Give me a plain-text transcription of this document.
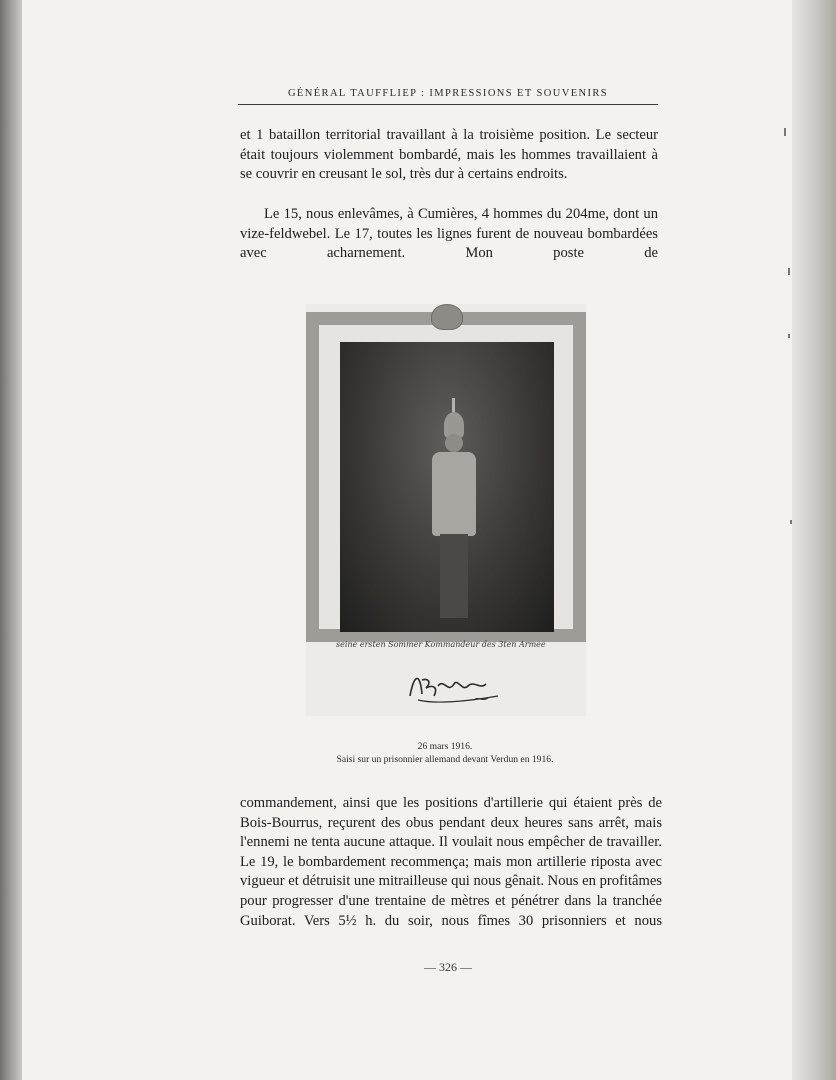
GÉNÉRAL TAUFFLIEP : IMPRESSIONS ET SOUVENIRS

et 1 bataillon territorial travaillant à la troisième position. Le secteur était toujours violemment bombardé, mais les hommes travaillaient à se couvrir en creusant le sol, très dur à certains endroits.

Le 15, nous enlevâmes, à Cumières, 4 hommes du 204me, dont un vize-feldwebel. Le 17, toutes les lignes furent de nouveau bombardées avec acharnement. Mon poste de

seine ersten Sommer Kommandeur des 3ten Armee
26 mars 1916.
Saisi sur un prisonnier allemand devant Verdun en 1916.

commandement, ainsi que les positions d'artillerie qui étaient près de Bois-Bourrus, reçurent des obus pendant deux heures sans arrêt, mais l'ennemi ne tenta aucune attaque. Il voulait nous empêcher de travailler. Le 19, le bombardement recommença; mais mon artillerie riposta avec vigueur et détruisit une mitrailleuse qui nous gênait. Nous en profitâmes pour progresser d'une trentaine de mètres et pénétrer dans la tranchée Guiborat. Vers 5½ h. du soir, nous fîmes 30 prisonniers et nous

— 326 —
